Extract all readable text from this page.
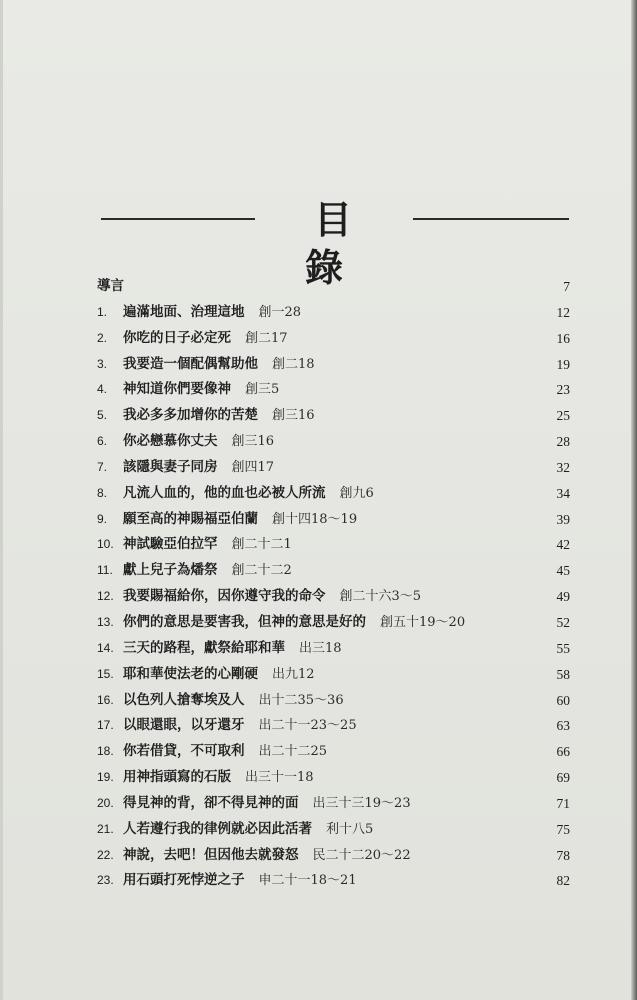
目 錄
導言	7
1.	遍滿地面、治理這地 創一28	12
2.	你吃的日子必定死 創二17	16
3.	我要造一個配偶幫助他 創二18	19
4.	神知道你們要像神 創三5	23
5.	我必多多加增你的苦楚 創三16	25
6.	你必戀慕你丈夫 創三16	28
7.	該隱與妻子同房 創四17	32
8.	凡流人血的，他的血也必被人所流 創九6	34
9.	願至高的神賜福亞伯蘭 創十四18～19	39
10. 神試驗亞伯拉罕 創二十二1	42
11. 獻上兒子為燔祭 創二十二2	45
12. 我要賜福給你，因你遵守我的命令 創二十六3～5	49
13. 你們的意思是要害我，但神的意思是好的 創五十19～20	52
14. 三天的路程，獻祭給耶和華 出三18	55
15. 耶和華使法老的心剛硬 出九12	58
16. 以色列人搶奪埃及人 出十二35～36	60
17. 以眼還眼，以牙還牙 出二十一23～25	63
18. 你若借貸，不可取利 出二十二25	66
19. 用神指頭寫的石版 出三十一18	69
20. 得見神的背，卻不得見神的面 出三十三19～23	71
21. 人若遵行我的律例就必因此活著 利十八5	75
22. 神說，去吧！但因他去就發怒 民二十二20～22	78
23. 用石頭打死悖逆之子 申二十一18～21	82
